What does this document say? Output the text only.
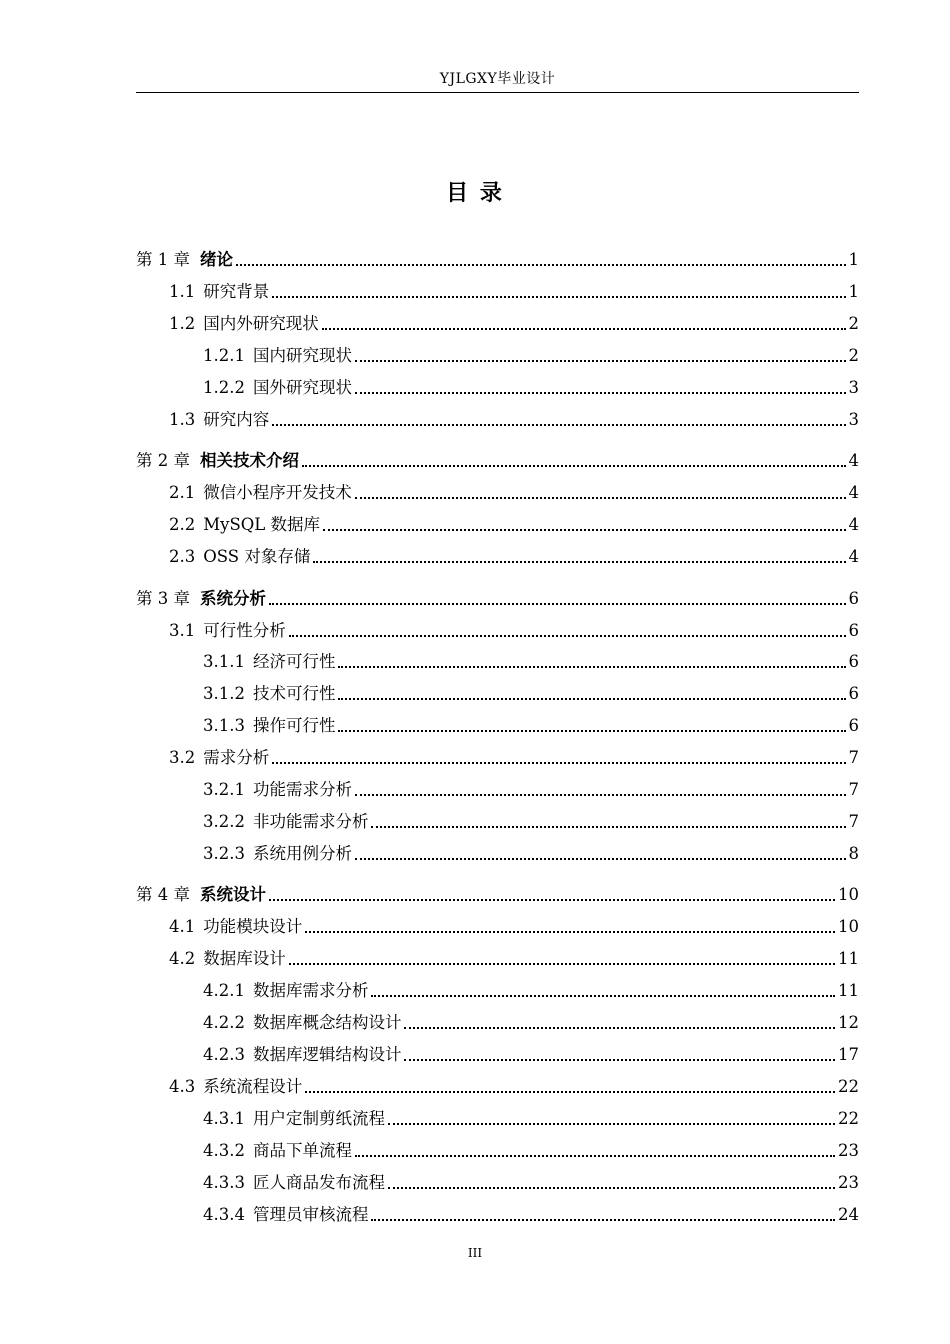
YJLGXY毕业设计
目 录
第 1 章 绪论	1
1.1 研究背景	1
1.2 国内外研究现状	2
1.2.1 国内研究现状	2
1.2.2 国外研究现状	3
1.3 研究内容	3
第 2 章 相关技术介绍	4
2.1 微信小程序开发技术	4
2.2 MySQL 数据库	4
2.3 OSS 对象存储	4
第 3 章 系统分析	6
3.1 可行性分析	6
3.1.1 经济可行性	6
3.1.2 技术可行性	6
3.1.3 操作可行性	6
3.2 需求分析	7
3.2.1 功能需求分析	7
3.2.2 非功能需求分析	7
3.2.3 系统用例分析	8
第 4 章 系统设计	10
4.1 功能模块设计	10
4.2 数据库设计	11
4.2.1 数据库需求分析	11
4.2.2 数据库概念结构设计	12
4.2.3 数据库逻辑结构设计	17
4.3 系统流程设计	22
4.3.1 用户定制剪纸流程	22
4.3.2 商品下单流程	23
4.3.3 匠人商品发布流程	23
4.3.4 管理员审核流程	24
III
